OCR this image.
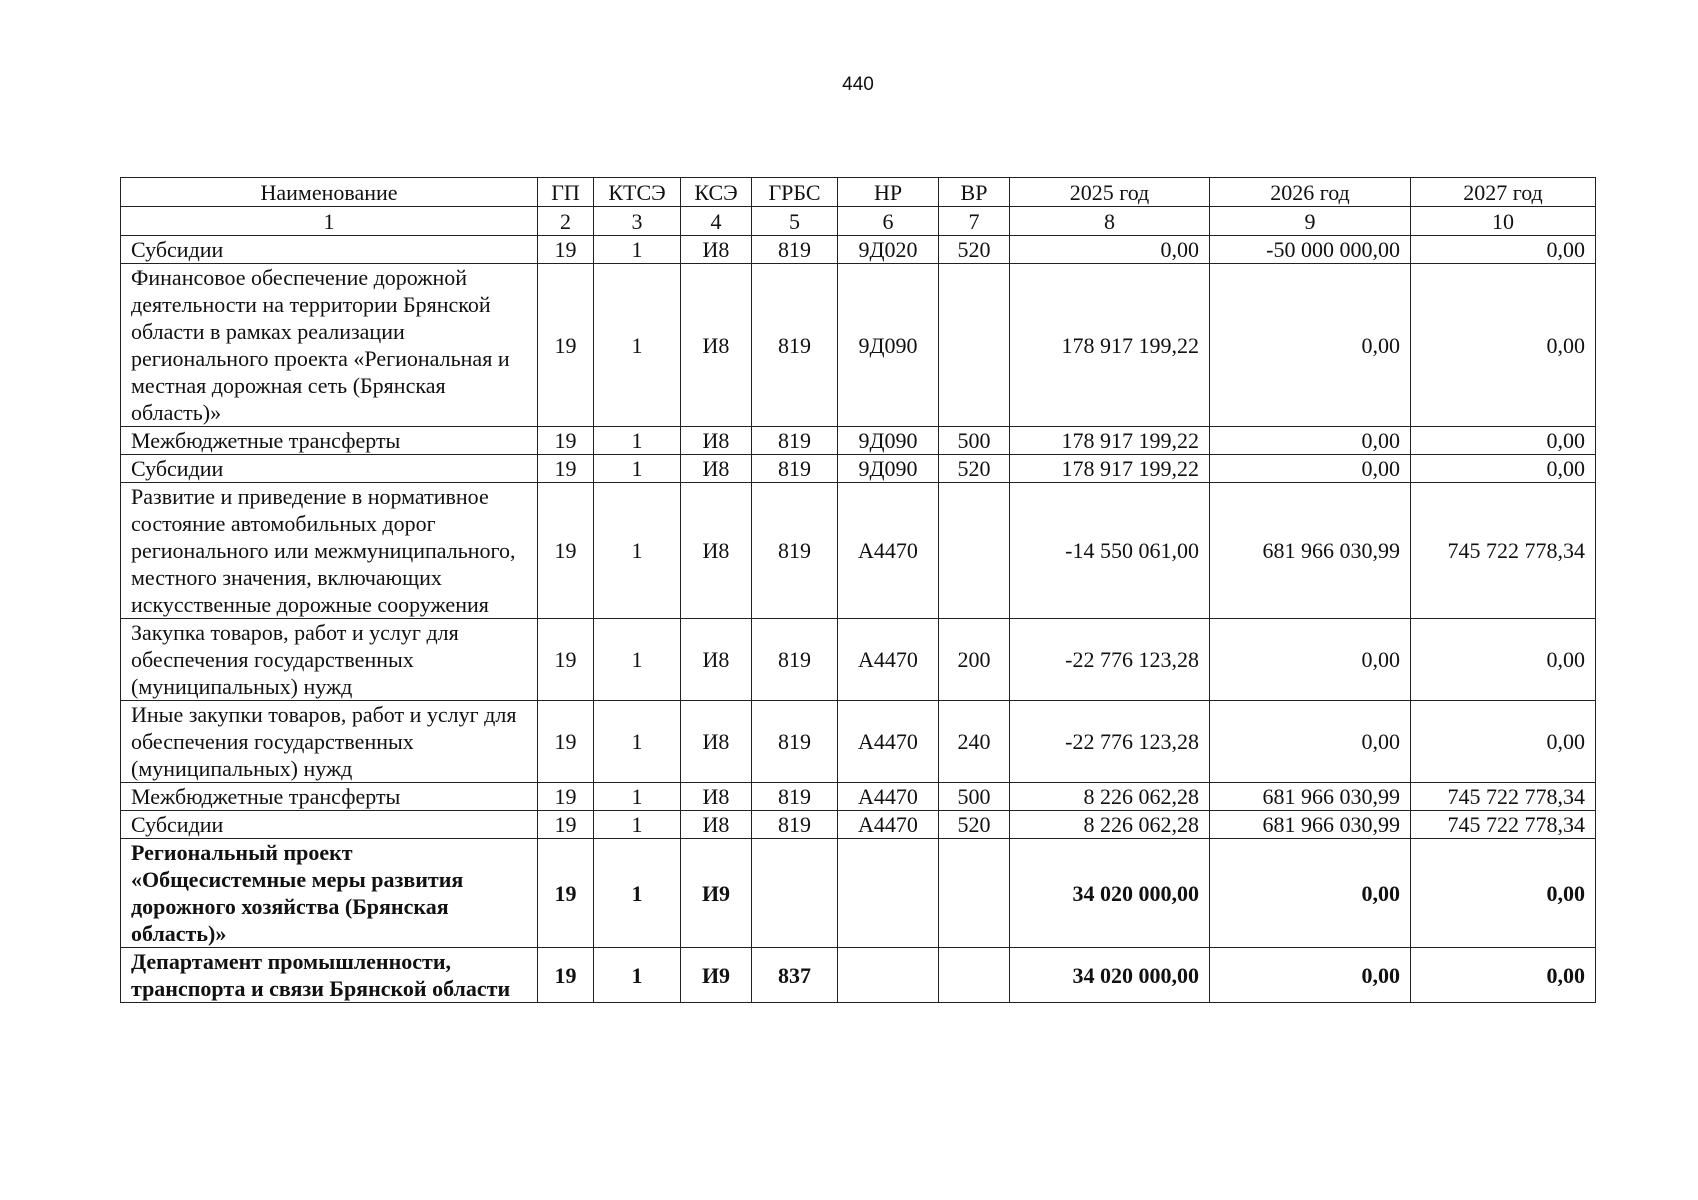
440
Наименование	ГП	КТСЭ	КСЭ	ГРБС	НР	ВР	2025 год	2026 год	2027 год
1	2	3	4	5	6	7	8	9	10
Субсидии	19	1	И8	819	9Д020	520	0,00	-50 000 000,00	0,00
Финансовое обеспечение дорожной деятельности на территории Брянской области в рамках реализации регионального проекта «Региональная и местная дорожная сеть (Брянская область)»	19	1	И8	819	9Д090		178 917 199,22	0,00	0,00
Межбюджетные трансферты	19	1	И8	819	9Д090	500	178 917 199,22	0,00	0,00
Субсидии	19	1	И8	819	9Д090	520	178 917 199,22	0,00	0,00
Развитие и приведение в нормативное состояние автомобильных дорог регионального или межмуниципального, местного значения, включающих искусственные дорожные сооружения	19	1	И8	819	А4470		-14 550 061,00	681 966 030,99	745 722 778,34
Закупка товаров, работ и услуг для обеспечения государственных (муниципальных) нужд	19	1	И8	819	А4470	200	-22 776 123,28	0,00	0,00
Иные закупки товаров, работ и услуг для обеспечения государственных (муниципальных) нужд	19	1	И8	819	А4470	240	-22 776 123,28	0,00	0,00
Межбюджетные трансферты	19	1	И8	819	А4470	500	8 226 062,28	681 966 030,99	745 722 778,34
Субсидии	19	1	И8	819	А4470	520	8 226 062,28	681 966 030,99	745 722 778,34
Региональный проект «Общесистемные меры развития дорожного хозяйства (Брянская область)»	19	1	И9				34 020 000,00	0,00	0,00
Департамент промышленности, транспорта и связи Брянской области	19	1	И9	837			34 020 000,00	0,00	0,00
